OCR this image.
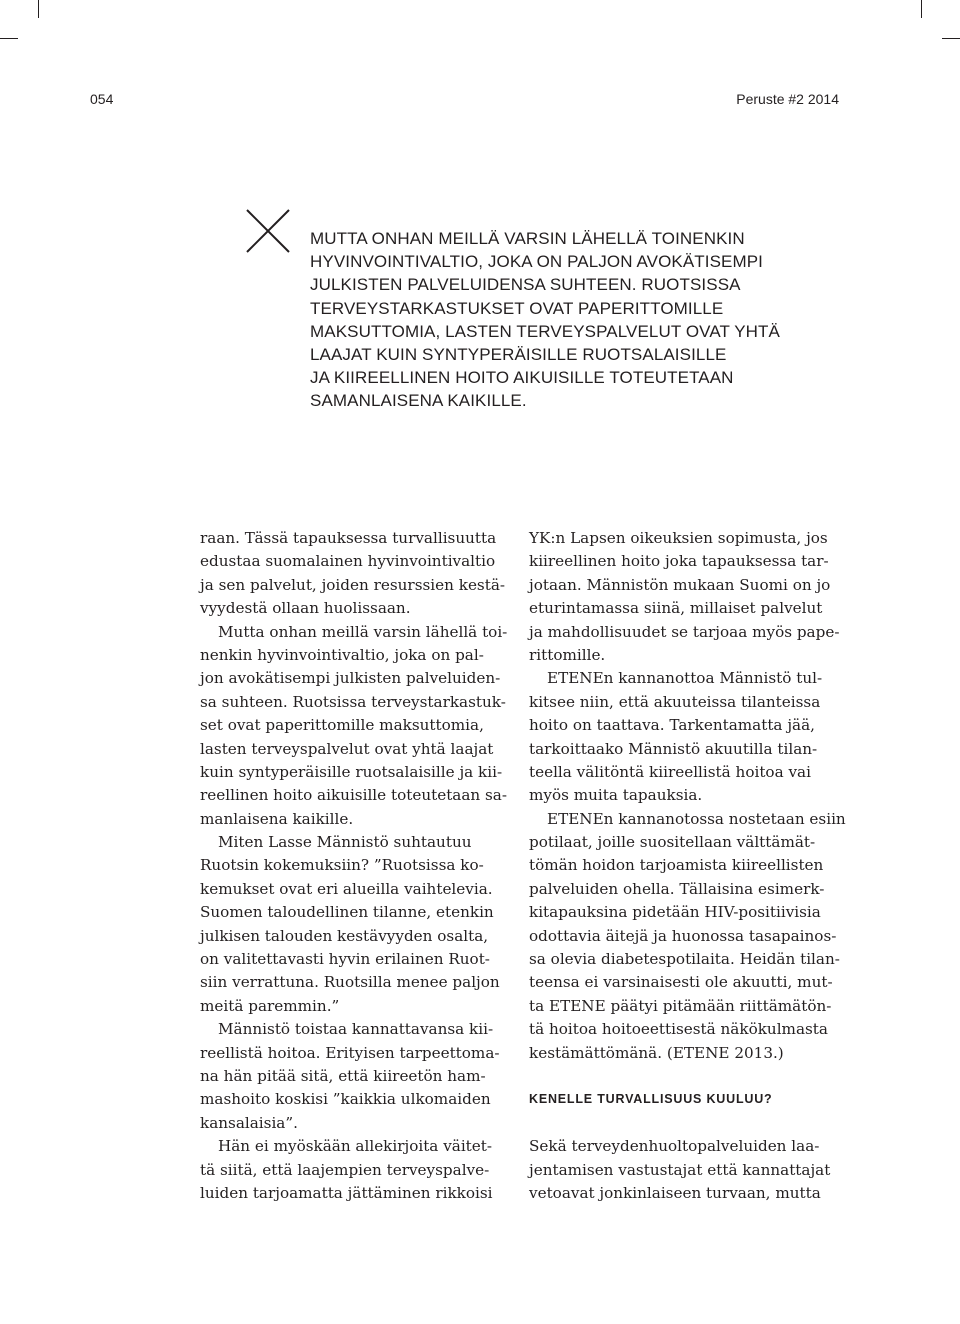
054	Peruste #2 2014
MUTTA ONHAN MEILLÄ VARSIN LÄHELLÄ TOINENKIN
HYVINVOINTIVALTIO, JOKA ON PALJON AVOKÄTISEMPI
JULKISTEN PALVELUIDENSA SUHTEEN. RUOTSISSA
TERVEYSTARKASTUKSET OVAT PAPERITTOMILLE
MAKSUTTOMIA, LASTEN TERVEYSPALVELUT OVAT YHTÄ
LAAJAT KUIN SYNTYPERÄISILLE RUOTSALAISILLE
JA KIIREELLINEN HOITO AIKUISILLE TOTEUTETAAN
SAMANLAISENA KAIKILLE.
raan. Tässä tapauksessa turvallisuutta
edustaa suomalainen hyvinvointivaltio
ja sen palvelut, joiden resurssien kestä-
vyydestä ollaan huolissaan.
Mutta onhan meillä varsin lähellä toi-
nenkin hyvinvointivaltio, joka on pal-
jon avokätisempi julkisten palveluiden-
sa suhteen. Ruotsissa terveystarkastuk-
set ovat paperittomille maksuttomia,
lasten terveyspalvelut ovat yhtä laajat
kuin syntyperäisille ruotsalaisille ja kii-
reellinen hoito aikuisille toteutetaan sa-
manlaisena kaikille.
Miten Lasse Männistö suhtautuu
Ruotsin kokemuksiin? ”Ruotsissa ko-
kemukset ovat eri alueilla vaihtelevia.
Suomen taloudellinen tilanne, etenkin
julkisen talouden kestävyyden osalta,
on valitettavasti hyvin erilainen Ruot-
siin verrattuna. Ruotsilla menee paljon
meitä paremmin.”
Männistö toistaa kannattavansa kii-
reellistä hoitoa. Erityisen tarpeettoma-
na hän pitää sitä, että kiireetön ham-
mashoito koskisi ”kaikkia ulkomaiden
kansalaisia”.
Hän ei myöskään allekirjoita väitet-
tä siitä, että laajempien terveyspalve-
luiden tarjoamatta jättäminen rikkoisi
YK:n Lapsen oikeuksien sopimusta, jos
kiireellinen hoito joka tapauksessa tar-
jotaan. Männistön mukaan Suomi on jo
eturintamassa siinä, millaiset palvelut
ja mahdollisuudet se tarjoaa myös pape-
rittomille.
ETENEn kannanottoa Männistö tul-
kitsee niin, että akuuteissa tilanteissa
hoito on taattava. Tarkentamatta jää,
tarkoittaako Männistö akuutilla tilan-
teella välitöntä kiireellistä hoitoa vai
myös muita tapauksia.
ETENEn kannanotossa nostetaan esiin
potilaat, joille suositellaan välttämät-
tömän hoidon tarjoamista kiireellisten
palveluiden ohella. Tällaisina esimerk-
kitapauksina pidetään HIV-positiivisia
odottavia äitejä ja huonossa tasapainos-
sa olevia diabetespotilaita. Heidän tilan-
teensa ei varsinaisesti ole akuutti, mut-
ta ETENE päätyi pitämään riittämätön-
tä hoitoa hoitoeettisestä näkökulmasta
kestämättömänä. (ETENE 2013.)
KENELLE TURVALLISUUS KUULUU?
Sekä terveydenhuoltopalveluiden laa-
jentamisen vastustajat että kannattajat
vetoavat jonkinlaiseen turvaan, mutta
